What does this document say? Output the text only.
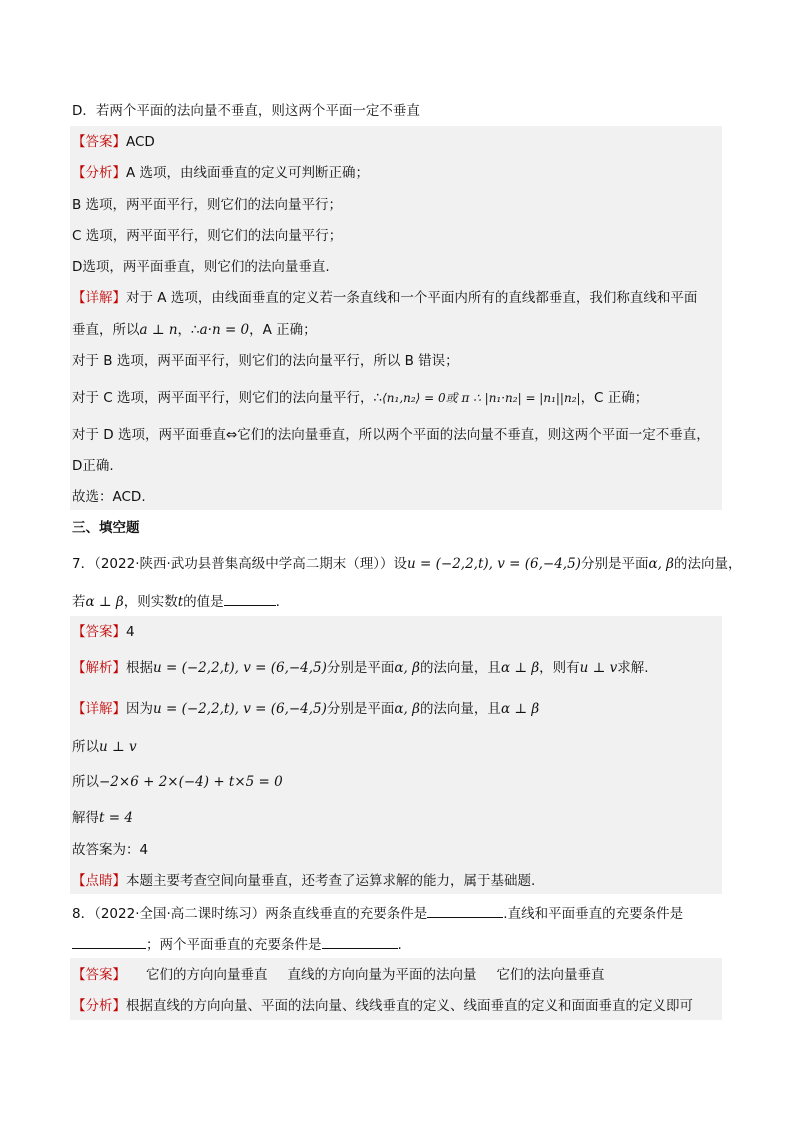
D．若两个平面的法向量不垂直，则这两个平面一定不垂直
【答案】ACD
【分析】A 选项，由线面垂直的定义可判断正确；
B 选项，两平面平行，则它们的法向量平行；
C 选项，两平面平行，则它们的法向量平行；
D选项，两平面垂直，则它们的法向量垂直.
【详解】对于 A 选项，由线面垂直的定义若一条直线和一个平面内所有的直线都垂直，我们称直线和平面
垂直，所以a ⊥ n，∴a·n = 0，A 正确；
对于 B 选项，两平面平行，则它们的法向量平行，所以 B 错误；
对于 C 选项，两平面平行，则它们的法向量平行，∴⟨n₁,n₂⟩ = 0或 π ∴ |n₁·n₂| = |n₁||n₂|，C 正确；
对于 D 选项，两平面垂直⇔它们的法向量垂直，所以两个平面的法向量不垂直，则这两个平面一定不垂直，
D正确.
故选：ACD.
三、填空题
7．（2022·陕西·武功县普集高级中学高二期末（理））设u = (−2,2,t), v = (6,−4,5)分别是平面α, β的法向量，
若α ⊥ β，则实数t的值是	.
【答案】4
【解析】根据u = (−2,2,t), v = (6,−4,5)分别是平面α, β的法向量，且α ⊥ β，则有u ⊥ v求解.
【详解】因为u = (−2,2,t), v = (6,−4,5)分别是平面α, β的法向量，且α ⊥ β
所以u ⊥ v
所以−2×6 + 2×(−4) + t×5 = 0
解得t = 4
故答案为：4
【点睛】本题主要考查空间向量垂直，还考查了运算求解的能力，属于基础题.
8．（2022·全国·高二课时练习）两条直线垂直的充要条件是	.直线和平面垂直的充要条件是
；两个平面垂直的充要条件是	.
【答案】 它们的方向向量垂直 直线的方向向量为平面的法向量 它们的法向量垂直
【分析】根据直线的方向向量、平面的法向量、线线垂直的定义、线面垂直的定义和面面垂直的定义即可
